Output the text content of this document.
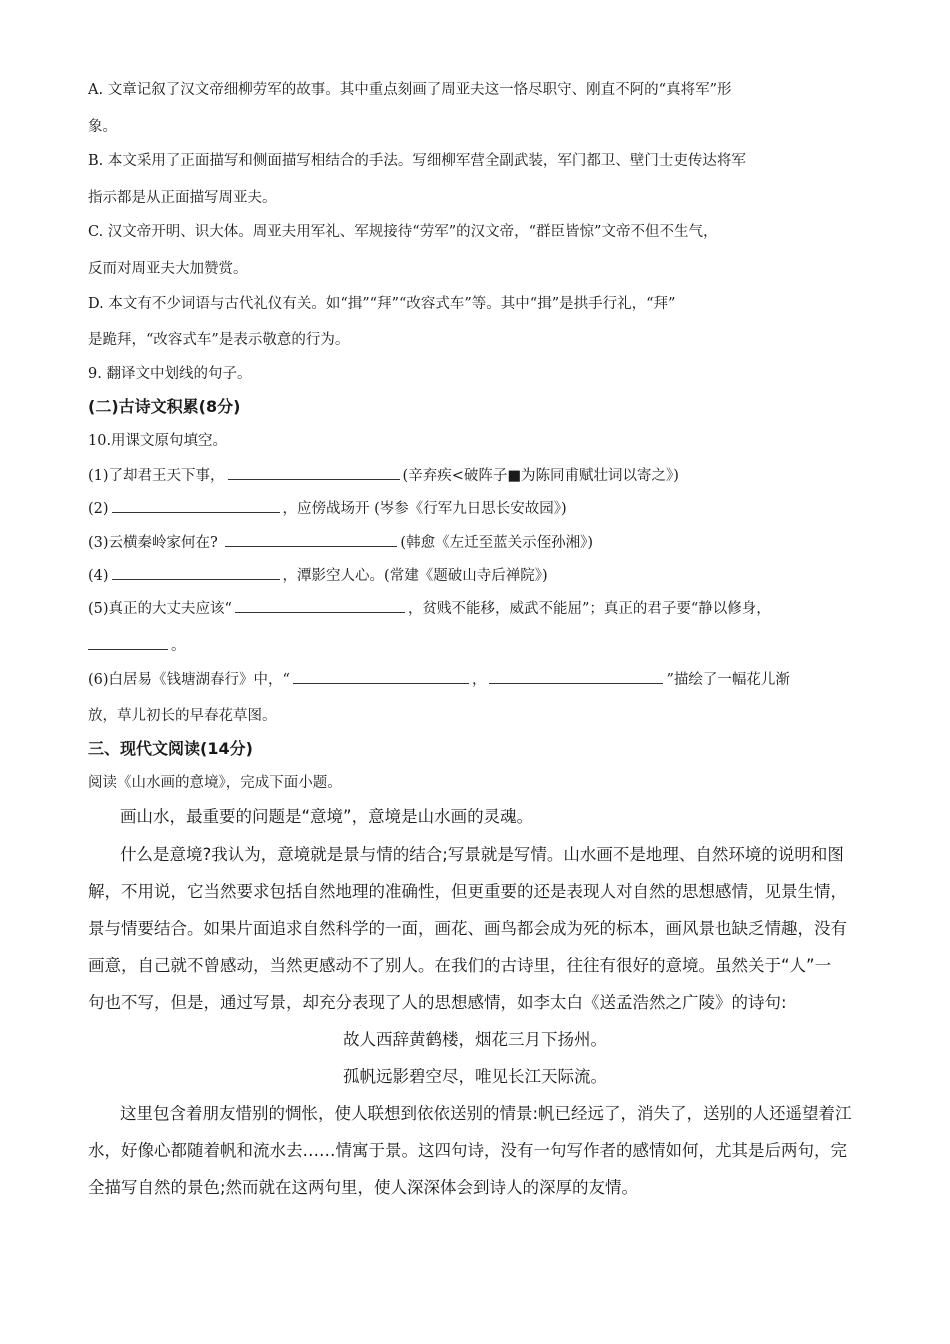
A. 文章记叙了汉文帝细柳劳军的故事。其中重点刻画了周亚夫这一恪尽职守、刚直不阿的“真将军”形
象。
B. 本文采用了正面描写和侧面描写相结合的手法。写细柳军营全副武装，军门都卫、壁门士吏传达将军
指示都是从正面描写周亚夫。
C. 汉文帝开明、识大体。周亚夫用军礼、军规接待“劳军”的汉文帝，“群臣皆惊”文帝不但不生气，
反而对周亚夫大加赞赏。
D. 本文有不少词语与古代礼仪有关。如“揖”“拜”“改容式车”等。其中“揖”是拱手行礼，“拜”
是跪拜，“改容式车”是表示敬意的行为。
9. 翻译文中划线的句子。
(二)古诗文积累(8分)
10.用课文原句填空。
(1)了却君王天下事，	(辛弃疾<破阵子■为陈同甫赋壮词以寄之》)
(2)	，应傍战场开 (岑参《行军九日思长安故园》)
(3)云横秦岭家何在?	(韩愈《左迁至蓝关示侄孙湘》)
(4)	，潭影空人心。(常建《题破山寺后禅院》)
(5)真正的大丈夫应该“	，贫贱不能移，威武不能屈”；真正的君子要“静以修身，
。
(6)白居易《钱塘湖春行》中，“	，	”描绘了一幅花儿渐
放，草儿初长的早春花草图。
三、现代文阅读(14分)
阅读《山水画的意境》，完成下面小题。
画山水，最重要的问题是“意境”，意境是山水画的灵魂。
什么是意境?我认为，意境就是景与情的结合;写景就是写情。山水画不是地理、自然环境的说明和图
解，不用说，它当然要求包括自然地理的准确性，但更重要的还是表现人对自然的思想感情，见景生情，
景与情要结合。如果片面追求自然科学的一面，画花、画鸟都会成为死的标本，画风景也缺乏情趣，没有
画意，自己就不曾感动，当然更感动不了别人。在我们的古诗里，往往有很好的意境。虽然关于“人”一
句也不写，但是，通过写景，却充分表现了人的思想感情，如李太白《送孟浩然之广陵》的诗句:
故人西辞黄鹤楼，烟花三月下扬州。
孤帆远影碧空尽，唯见长江天际流。
这里包含着朋友惜别的惆怅，使人联想到依依送别的情景:帆已经远了，消失了，送别的人还遥望着江
水，好像心都随着帆和流水去……情寓于景。这四句诗，没有一句写作者的感情如何，尤其是后两句，完
全描写自然的景色;然而就在这两句里，使人深深体会到诗人的深厚的友情。
